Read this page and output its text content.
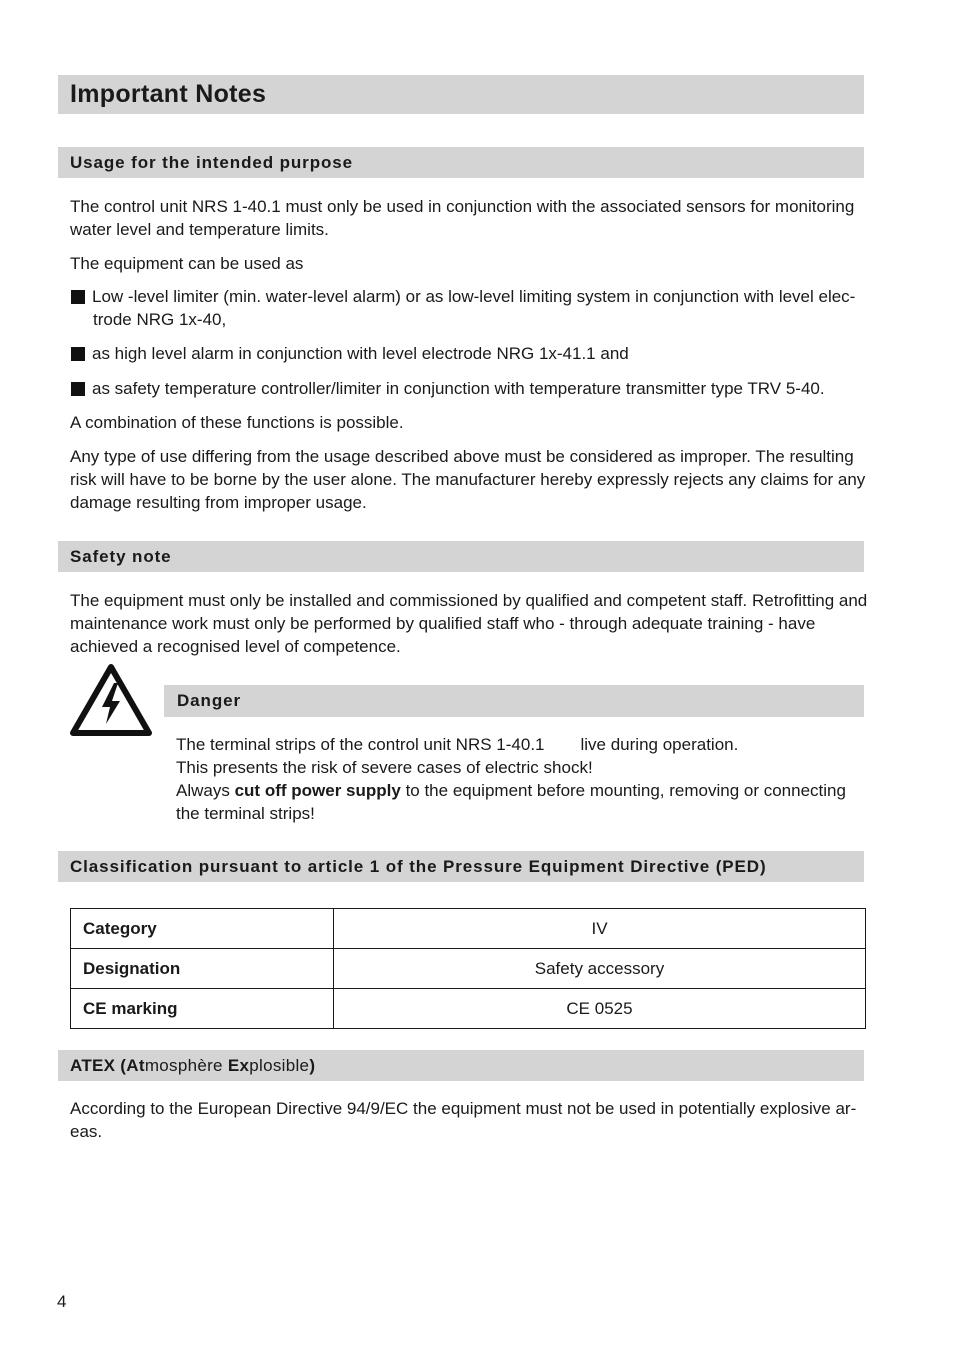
Important Notes
Usage for the intended purpose
The control unit NRS 1-40.1 must only be used in conjunction with the associated sensors for monitoring
water level and temperature limits.
The equipment can be used as
Low -level limiter (min. water-level alarm) or as low-level limiting system in conjunction with level elec-
trode NRG 1x-40,
as high level alarm in conjunction with level electrode NRG 1x-41.1 and
as safety temperature controller/limiter in conjunction with temperature transmitter type TRV 5-40.
A combination of these functions is possible.
Any type of use differing from the usage described above must be considered as improper. The resulting
risk will have to be borne by the user alone. The manufacturer hereby expressly rejects any claims for any
damage resulting from improper usage.
Safety note
The equipment must only be installed and commissioned by qualified and competent staff. Retrofitting and
maintenance work must only be performed by qualified staff who - through adequate training - have
achieved a recognised level of competence.
Danger
The terminal strips of the control unit NRS 1-40.1 live during operation.
This presents the risk of severe cases of electric shock!
Always cut off power supply to the equipment before mounting, removing or connecting
the terminal strips!
Classification pursuant to article 1 of the Pressure Equipment Directive (PED)
Category	IV
Designation	Safety accessory
CE marking	CE 0525
ATEX (Atmosphère Explosible)
According to the European Directive 94/9/EC the equipment must not be used in potentially explosive ar-
eas.
4
